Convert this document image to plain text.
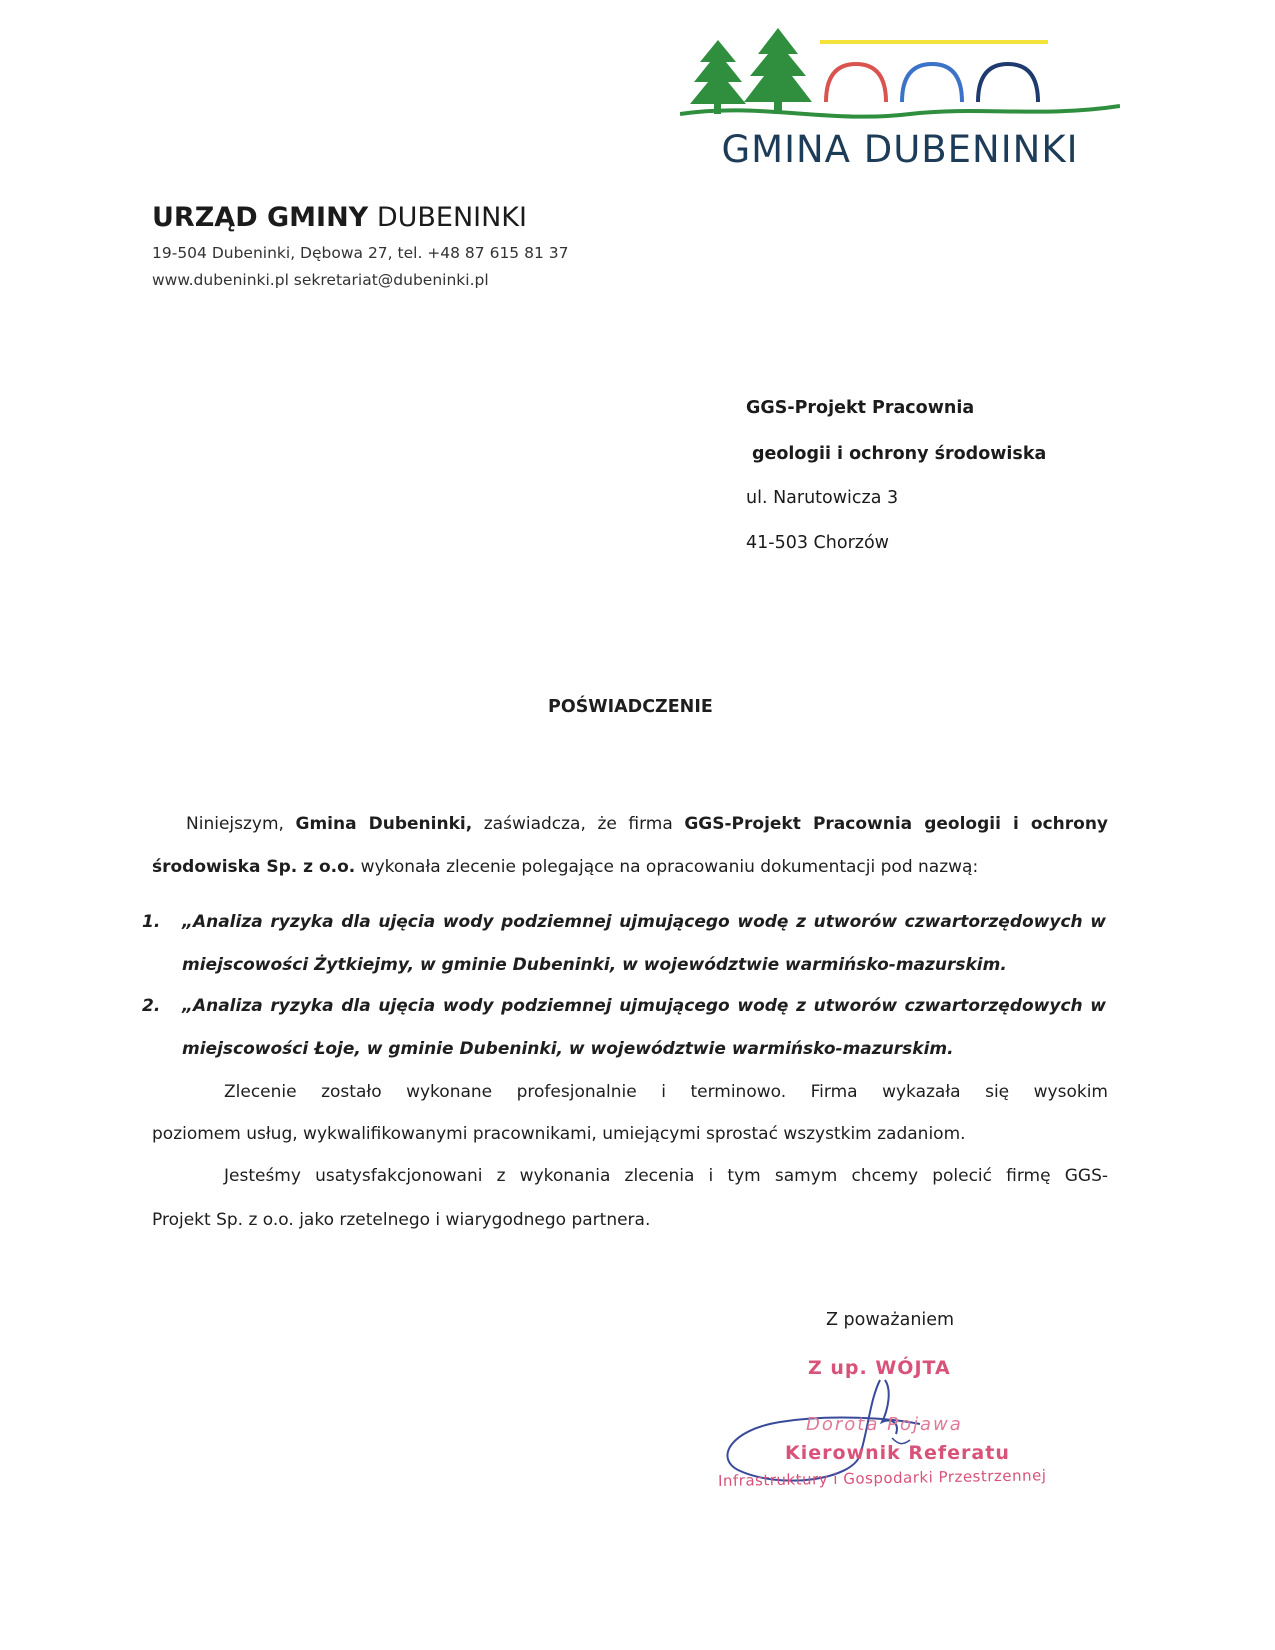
GMINA DUBENINKI
URZĄD GMINY DUBENINKI
19-504 Dubeninki, Dębowa 27, tel. +48 87 615 81 37
www.dubeninki.pl sekretariat@dubeninki.pl
GGS-Projekt Pracownia
geologii i ochrony środowiska
ul. Narutowicza 3
41-503 Chorzów
POŚWIADCZENIE
Niniejszym, Gmina Dubeninki, zaświadcza, że firma GGS-Projekt Pracownia geologii i ochrony
środowiska Sp. z o.o. wykonała zlecenie polegające na opracowaniu dokumentacji pod nazwą:
1. „Analiza ryzyka dla ujęcia wody podziemnej ujmującego wodę z utworów czwartorzędowych w
miejscowości Żytkiejmy, w gminie Dubeninki, w województwie warmińsko-mazurskim.
2. „Analiza ryzyka dla ujęcia wody podziemnej ujmującego wodę z utworów czwartorzędowych w
miejscowości Łoje, w gminie Dubeninki, w województwie warmińsko-mazurskim.
Zlecenie zostało wykonane profesjonalnie i terminowo. Firma wykazała się wysokim
poziomem usług, wykwalifikowanymi pracownikami, umiejącymi sprostać wszystkim zadaniom.
Jesteśmy usatysfakcjonowani z wykonania zlecenia i tym samym chcemy polecić firmę GGS-
Projekt Sp. z o.o. jako rzetelnego i wiarygodnego partnera.
Z poważaniem
Z up. WÓJTA
Dorota Pojawa
Kierownik Referatu
Infrastruktury i Gospodarki Przestrzennej
